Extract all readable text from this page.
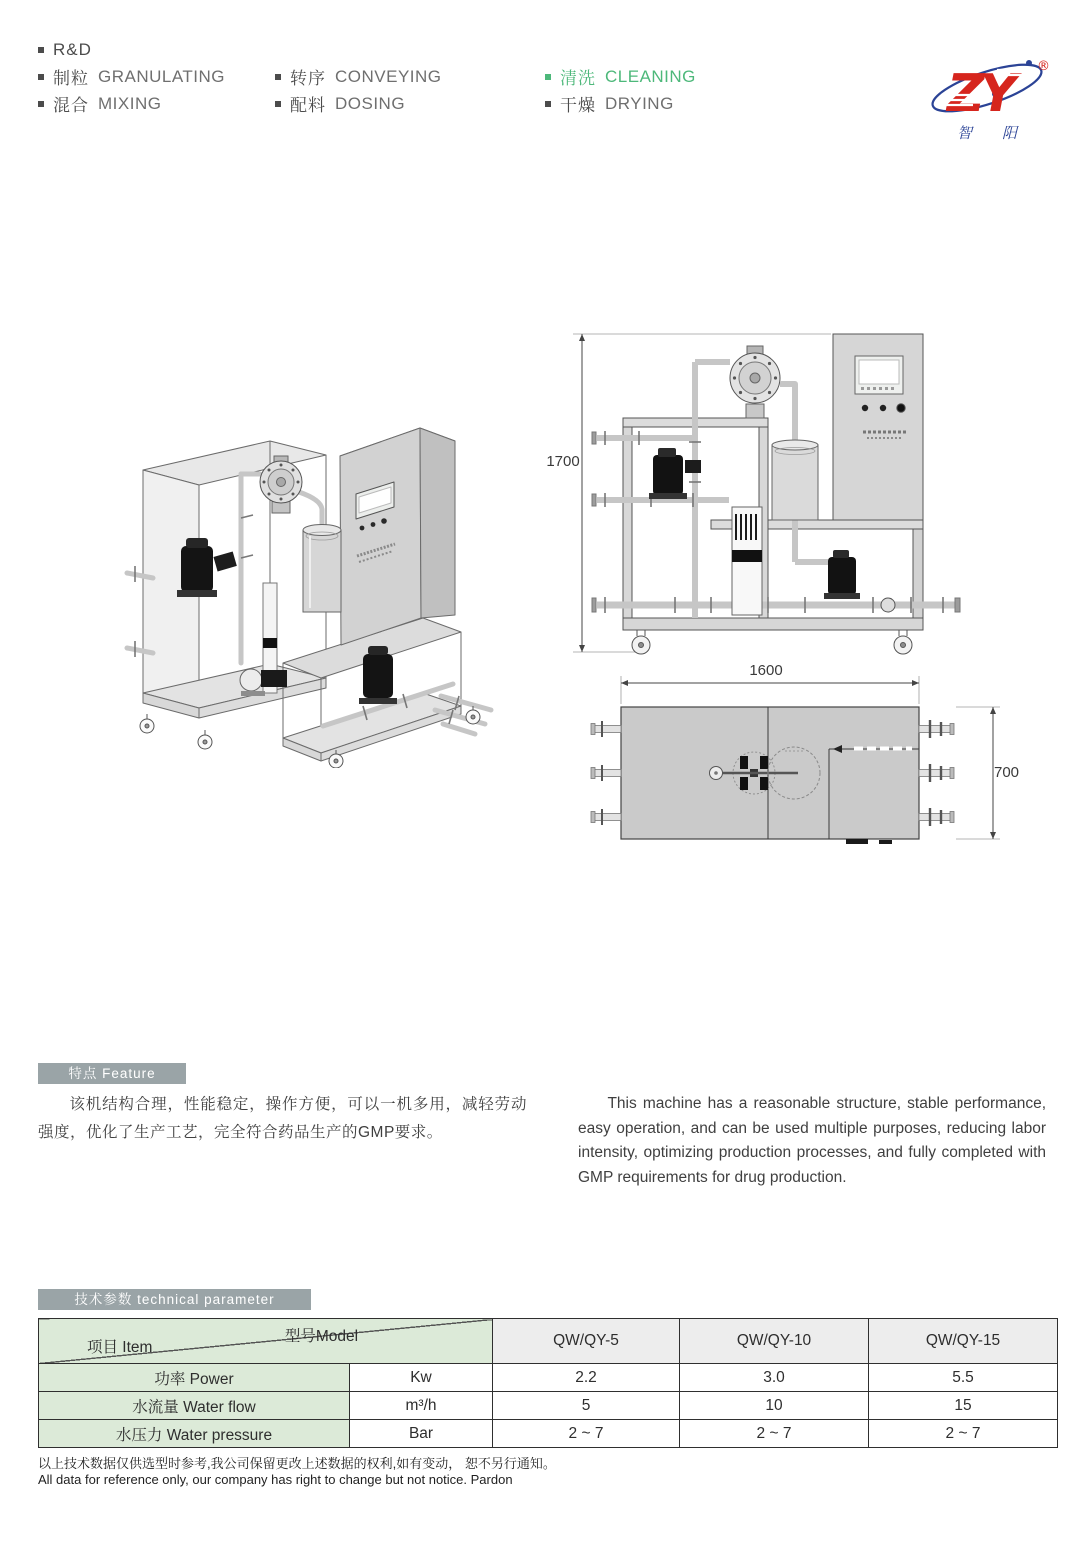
R&D
制粒 GRANULATING
混合 MIXING
转序 CONVEYING
配料 DOSING
清洗 CLEANING
干燥 DRYING	ZY	®
智阳
1700
1600
700
特点 Feature
该机结构合理，性能稳定，操作方便，可以一机多用，减轻劳动强度，优化了生产工艺，完全符合药品生产的GMP要求。
This machine has a reasonable structure, stable performance, easy operation, and can be used multiple purposes, reducing labor intensity, optimizing production processes, and fully completed with GMP requirements for drug production.
技术参数 technical parameter
型号Model
项目 Item		QW/QY-5	QW/QY-10	QW/QY-15
功率 Power	Kw	2.2	3.0	5.5
水流量 Water flow	m³/h	5	10	15
水压力 Water pressure	Bar	2 ~ 7	2 ~ 7	2 ~ 7
以上技术数据仅供选型时参考,我公司保留更改上述数据的权利,如有变动， 恕不另行通知。
All data for reference only, our company has right to change but not notice. Pardon
